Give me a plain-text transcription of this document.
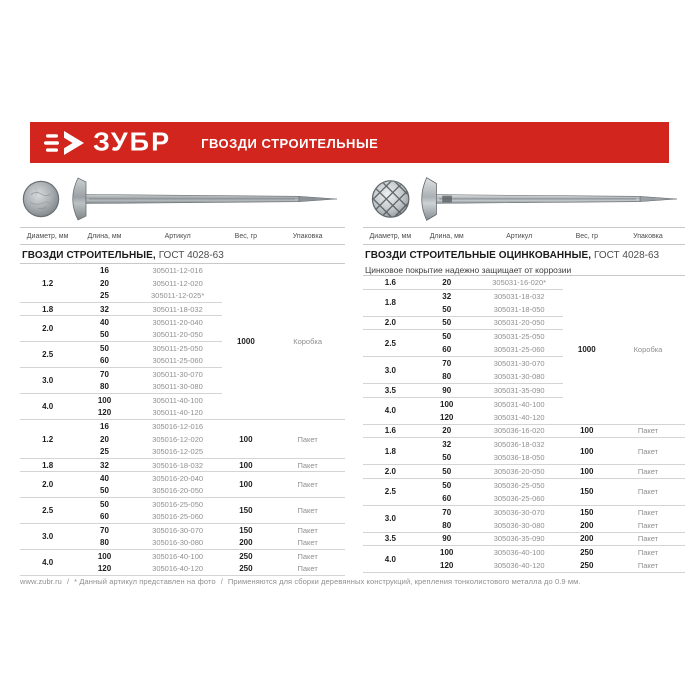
ЗУБР ГВОЗДИ СТРОИТЕЛЬНЫЕ
Диаметр, мм	Длина, мм	Артикул	Вес, гр	Упаковка

ГВОЗДИ СТРОИТЕЛЬНЫЕ, ГОСТ 4028-63				

1.2	16	305011-12-016	1000	Коробка
	20	305011-12-020		
	25	305011-12-025*		
1.8	32	305011-18-032		
2.0	40	305011-20-040		
	50	305011-20-050		
2.5	50	305011-25-050		
	60	305011-25-060		
3.0	70	305011-30-070		
	80	305011-30-080		
4.0	100	305011-40-100		
	120	305011-40-120		
1.2	16	305016-12-016	100	Пакет
	20	305016-12-020		
	25	305016-12-025		
1.8	32	305016-18-032	100	Пакет
2.0	40	305016-20-040	100	Пакет
	50	305016-20-050		
2.5	50	305016-25-050	150	Пакет
	60	305016-25-060		
3.0	70	305016-30-070	150	Пакет
	80	305016-30-080	200	Пакет
4.0	100	305016-40-100	250	Пакет
	120	305016-40-120	250	Пакет
Диаметр, мм	Длина, мм	Артикул	Вес, гр	Упаковка

ГВОЗДИ СТРОИТЕЛЬНЫЕ ОЦИНКОВАННЫЕ, ГОСТ 4028-63
Цинковое покрытие надежно защищает от коррозии				

1.6	20	305031-16-020*	1000	Коробка
1.8	32	305031-18-032		
	50	305031-18-050		
2.0	50	305031-20-050		
2.5	50	305031-25-050		
	60	305031-25-060		
3.0	70	305031-30-070		
	80	305031-30-080		
3.5	90	305031-35-090		
4.0	100	305031-40-100		
	120	305031-40-120		
1.6	20	305036-16-020	100	Пакет
1.8	32	305036-18-032	100	Пакет
	50	305036-18-050		
2.0	50	305036-20-050	100	Пакет
2.5	50	305036-25-050	150	Пакет
	60	305036-25-060		
3.0	70	305036-30-070	150	Пакет
	80	305036-30-080	200	Пакет
3.5	90	305036-35-090	200	Пакет
4.0	100	305036-40-100	250	Пакет
	120	305036-40-120	250	Пакет
www.zubr.ru / * Данный артикул представлен на фото / Применяются для сборки деревянных конструкций, крепления тонколистового металла до 0.9 мм.
